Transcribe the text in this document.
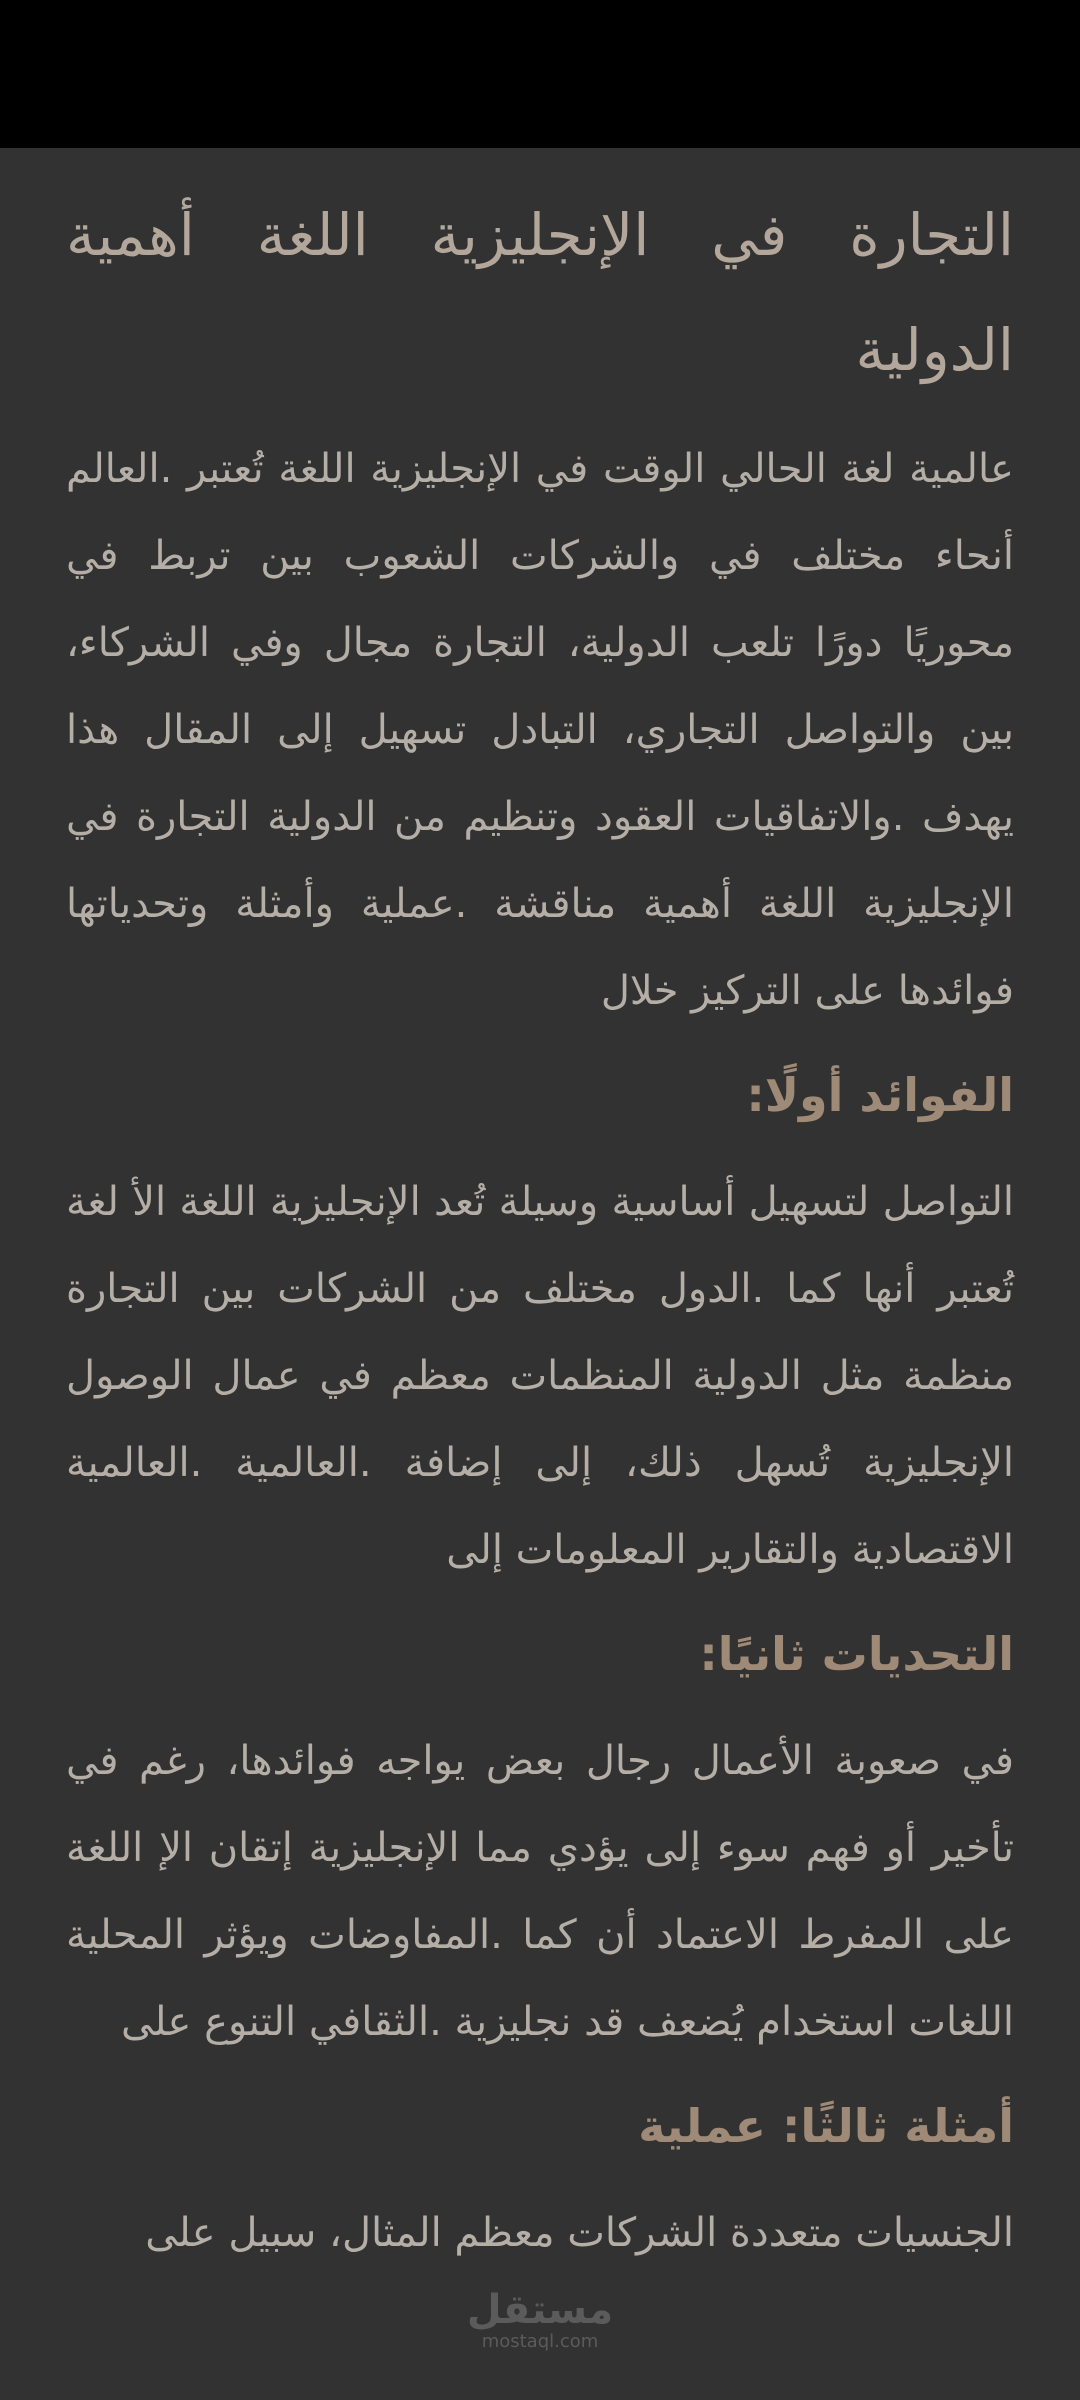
التجارة في الإنجليزية اللغة أهمية الدولية

عالمية لغة الحالي الوقت في الإنجليزية اللغة تُعتبر .العالم أنحاء مختلف في والشركات الشعوب بين تربط في محوريًا دورًا تلعب الدولية، التجارة مجال وفي الشركاء، بين والتواصل التجاري، التبادل تسهيل إلى المقال هذا يهدف .والاتفاقيات العقود وتنظيم من الدولية التجارة في الإنجليزية اللغة أهمية مناقشة .عملية وأمثلة وتحدياتها فوائدها على التركيز خلال

الفوائد أولًا:

التواصل لتسهيل أساسية وسيلة تُعد الإنجليزية اللغة الأ لغة تُعتبر أنها كما .الدول مختلف من الشركات بين التجارة منظمة مثل الدولية المنظمات معظم في عمال الوصول الإنجليزية تُسهل ذلك، إلى إضافة .العالمية .العالمية الاقتصادية والتقارير المعلومات إلى

التحديات ثانيًا:

في صعوبة الأعمال رجال بعض يواجه فوائدها، رغم في تأخير أو فهم سوء إلى يؤدي مما الإنجليزية إتقان الإ اللغة على المفرط الاعتماد أن كما .المفاوضات ويؤثر المحلية اللغات استخدام يُضعف قد نجليزية .الثقافي التنوع على

أمثلة ثالثًا: عملية

الجنسيات متعددة الشركات معظم المثال، سبيل على

مستقل
mostaql.com
